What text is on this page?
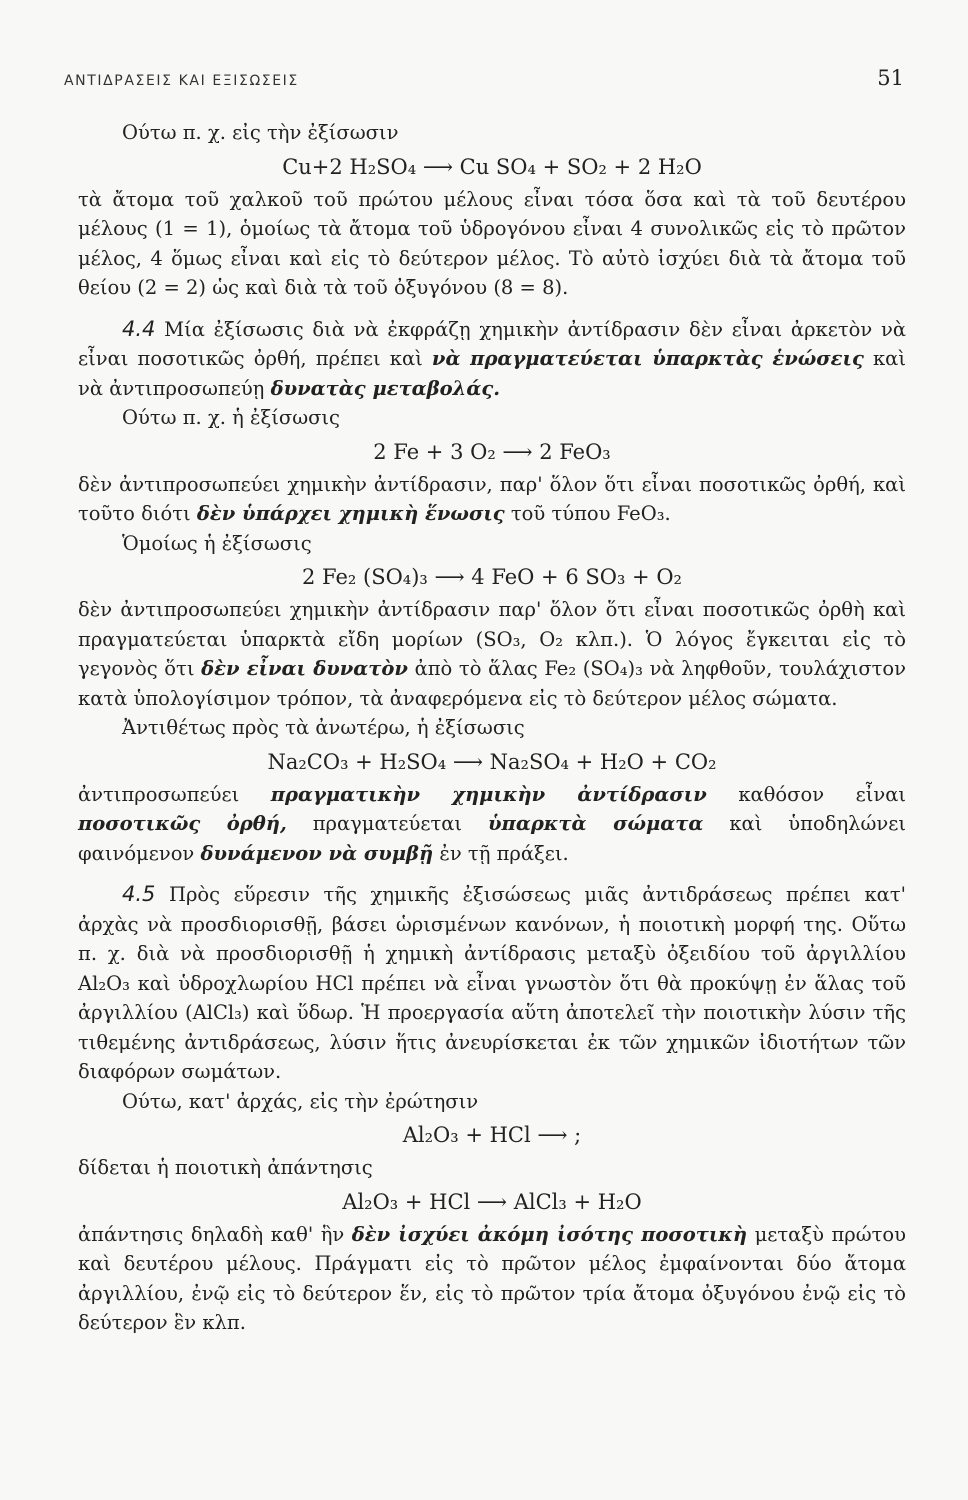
ΑΝΤΙΔΡΑΣΕΙΣ ΚΑΙ ΕΞΙΣΩΣΕΙΣ	51

Ούτω π. χ. εἰς τὴν ἐξίσωσιν

Cu+2 H₂SO₄ ⟶ Cu SO₄ + SO₂ + 2 H₂O

τὰ ἄτομα τοῦ χαλκοῦ τοῦ πρώτου μέλους εἶναι τόσα ὅσα καὶ τὰ τοῦ δευτέρου μέλους (1 = 1), ὁμοίως τὰ ἄτομα τοῦ ὑδρογόνου εἶναι 4 συνολικῶς εἰς τὸ πρῶτον μέλος, 4 ὅμως εἶναι καὶ εἰς τὸ δεύτερον μέλος. Τὸ αὐτὸ ἰσχύει διὰ τὰ ἄτομα τοῦ θείου (2 = 2) ὡς καὶ διὰ τὰ τοῦ ὀξυγόνου (8 = 8).

4.4 Μία ἐξίσωσις διὰ νὰ ἐκφράζῃ χημικὴν ἀντίδρασιν δὲν εἶναι ἀρκετὸν νὰ εἶναι ποσοτικῶς ὀρθή, πρέπει καὶ νὰ πραγματεύεται ὑπαρκτὰς ἑνώσεις καὶ νὰ ἀντιπροσωπεύῃ δυνατὰς μεταβολάς.

Ούτω π. χ. ἡ ἐξίσωσις

2 Fe + 3 O₂ ⟶ 2 FeO₃

δὲν ἀντιπροσωπεύει χημικὴν ἀντίδρασιν, παρ' ὅλον ὅτι εἶναι ποσοτικῶς ὀρθή, καὶ τοῦτο διότι δὲν ὑπάρχει χημικὴ ἕνωσις τοῦ τύπου FeO₃.

Ὁμοίως ἡ ἐξίσωσις

2 Fe₂ (SO₄)₃ ⟶ 4 FeO + 6 SO₃ + O₂

δὲν ἀντιπροσωπεύει χημικὴν ἀντίδρασιν παρ' ὅλον ὅτι εἶναι ποσοτικῶς ὀρθὴ καὶ πραγματεύεται ὑπαρκτὰ εἴδη μορίων (SO₃, O₂ κλπ.). Ὁ λόγος ἔγκειται εἰς τὸ γεγονὸς ὅτι δὲν εἶναι δυνατὸν ἀπὸ τὸ ἅλας Fe₂ (SO₄)₃ νὰ ληφθοῦν, τουλάχιστον κατὰ ὑπολογίσιμον τρόπον, τὰ ἀναφερόμενα εἰς τὸ δεύτερον μέλος σώματα.

Ἀντιθέτως πρὸς τὰ ἀνωτέρω, ἡ ἐξίσωσις

Na₂CO₃ + H₂SO₄ ⟶ Na₂SO₄ + H₂O + CO₂

ἀντιπροσωπεύει πραγματικὴν χημικὴν ἀντίδρασιν καθόσον εἶναι ποσοτικῶς ὀρθή, πραγματεύεται ὑπαρκτὰ σώματα καὶ ὑποδηλώνει φαινόμενον δυνάμενον νὰ συμβῇ ἐν τῇ πράξει.

4.5 Πρὸς εὕρεσιν τῆς χημικῆς ἐξισώσεως μιᾶς ἀντιδράσεως πρέπει κατ' ἀρχὰς νὰ προσδιορισθῇ, βάσει ὡρισμένων κανόνων, ἡ ποιοτικὴ μορφή της. Οὕτω π. χ. διὰ νὰ προσδιορισθῇ ἡ χημικὴ ἀντίδρασις μεταξὺ ὀξειδίου τοῦ ἀργιλλίου Al₂O₃ καὶ ὑδροχλωρίου HCl πρέπει νὰ εἶναι γνωστὸν ὅτι θὰ προκύψῃ ἐν ἅλας τοῦ ἀργιλλίου (AlCl₃) καὶ ὕδωρ. Ἡ προεργασία αὕτη ἀποτελεῖ τὴν ποιοτικὴν λύσιν τῆς τιθεμένης ἀντιδράσεως, λύσιν ἥτις ἀνευρίσκεται ἐκ τῶν χημικῶν ἰδιοτήτων τῶν διαφόρων σωμάτων.

Ούτω, κατ' ἀρχάς, εἰς τὴν ἐρώτησιν

Al₂O₃ + HCl ⟶ ;

δίδεται ἡ ποιοτικὴ ἀπάντησις

Al₂O₃ + HCl ⟶ AlCl₃ + H₂O

ἀπάντησις δηλαδὴ καθ' ἣν δὲν ἰσχύει ἀκόμη ἰσότης ποσοτικὴ μεταξὺ πρώτου καὶ δευτέρου μέλους. Πράγματι εἰς τὸ πρῶτον μέλος ἐμφαίνονται δύο ἄτομα ἀργιλλίου, ἐνῷ εἰς τὸ δεύτερον ἕν, εἰς τὸ πρῶτον τρία ἄτομα ὀξυγόνου ἐνῷ εἰς τὸ δεύτερον ἓν κλπ.
